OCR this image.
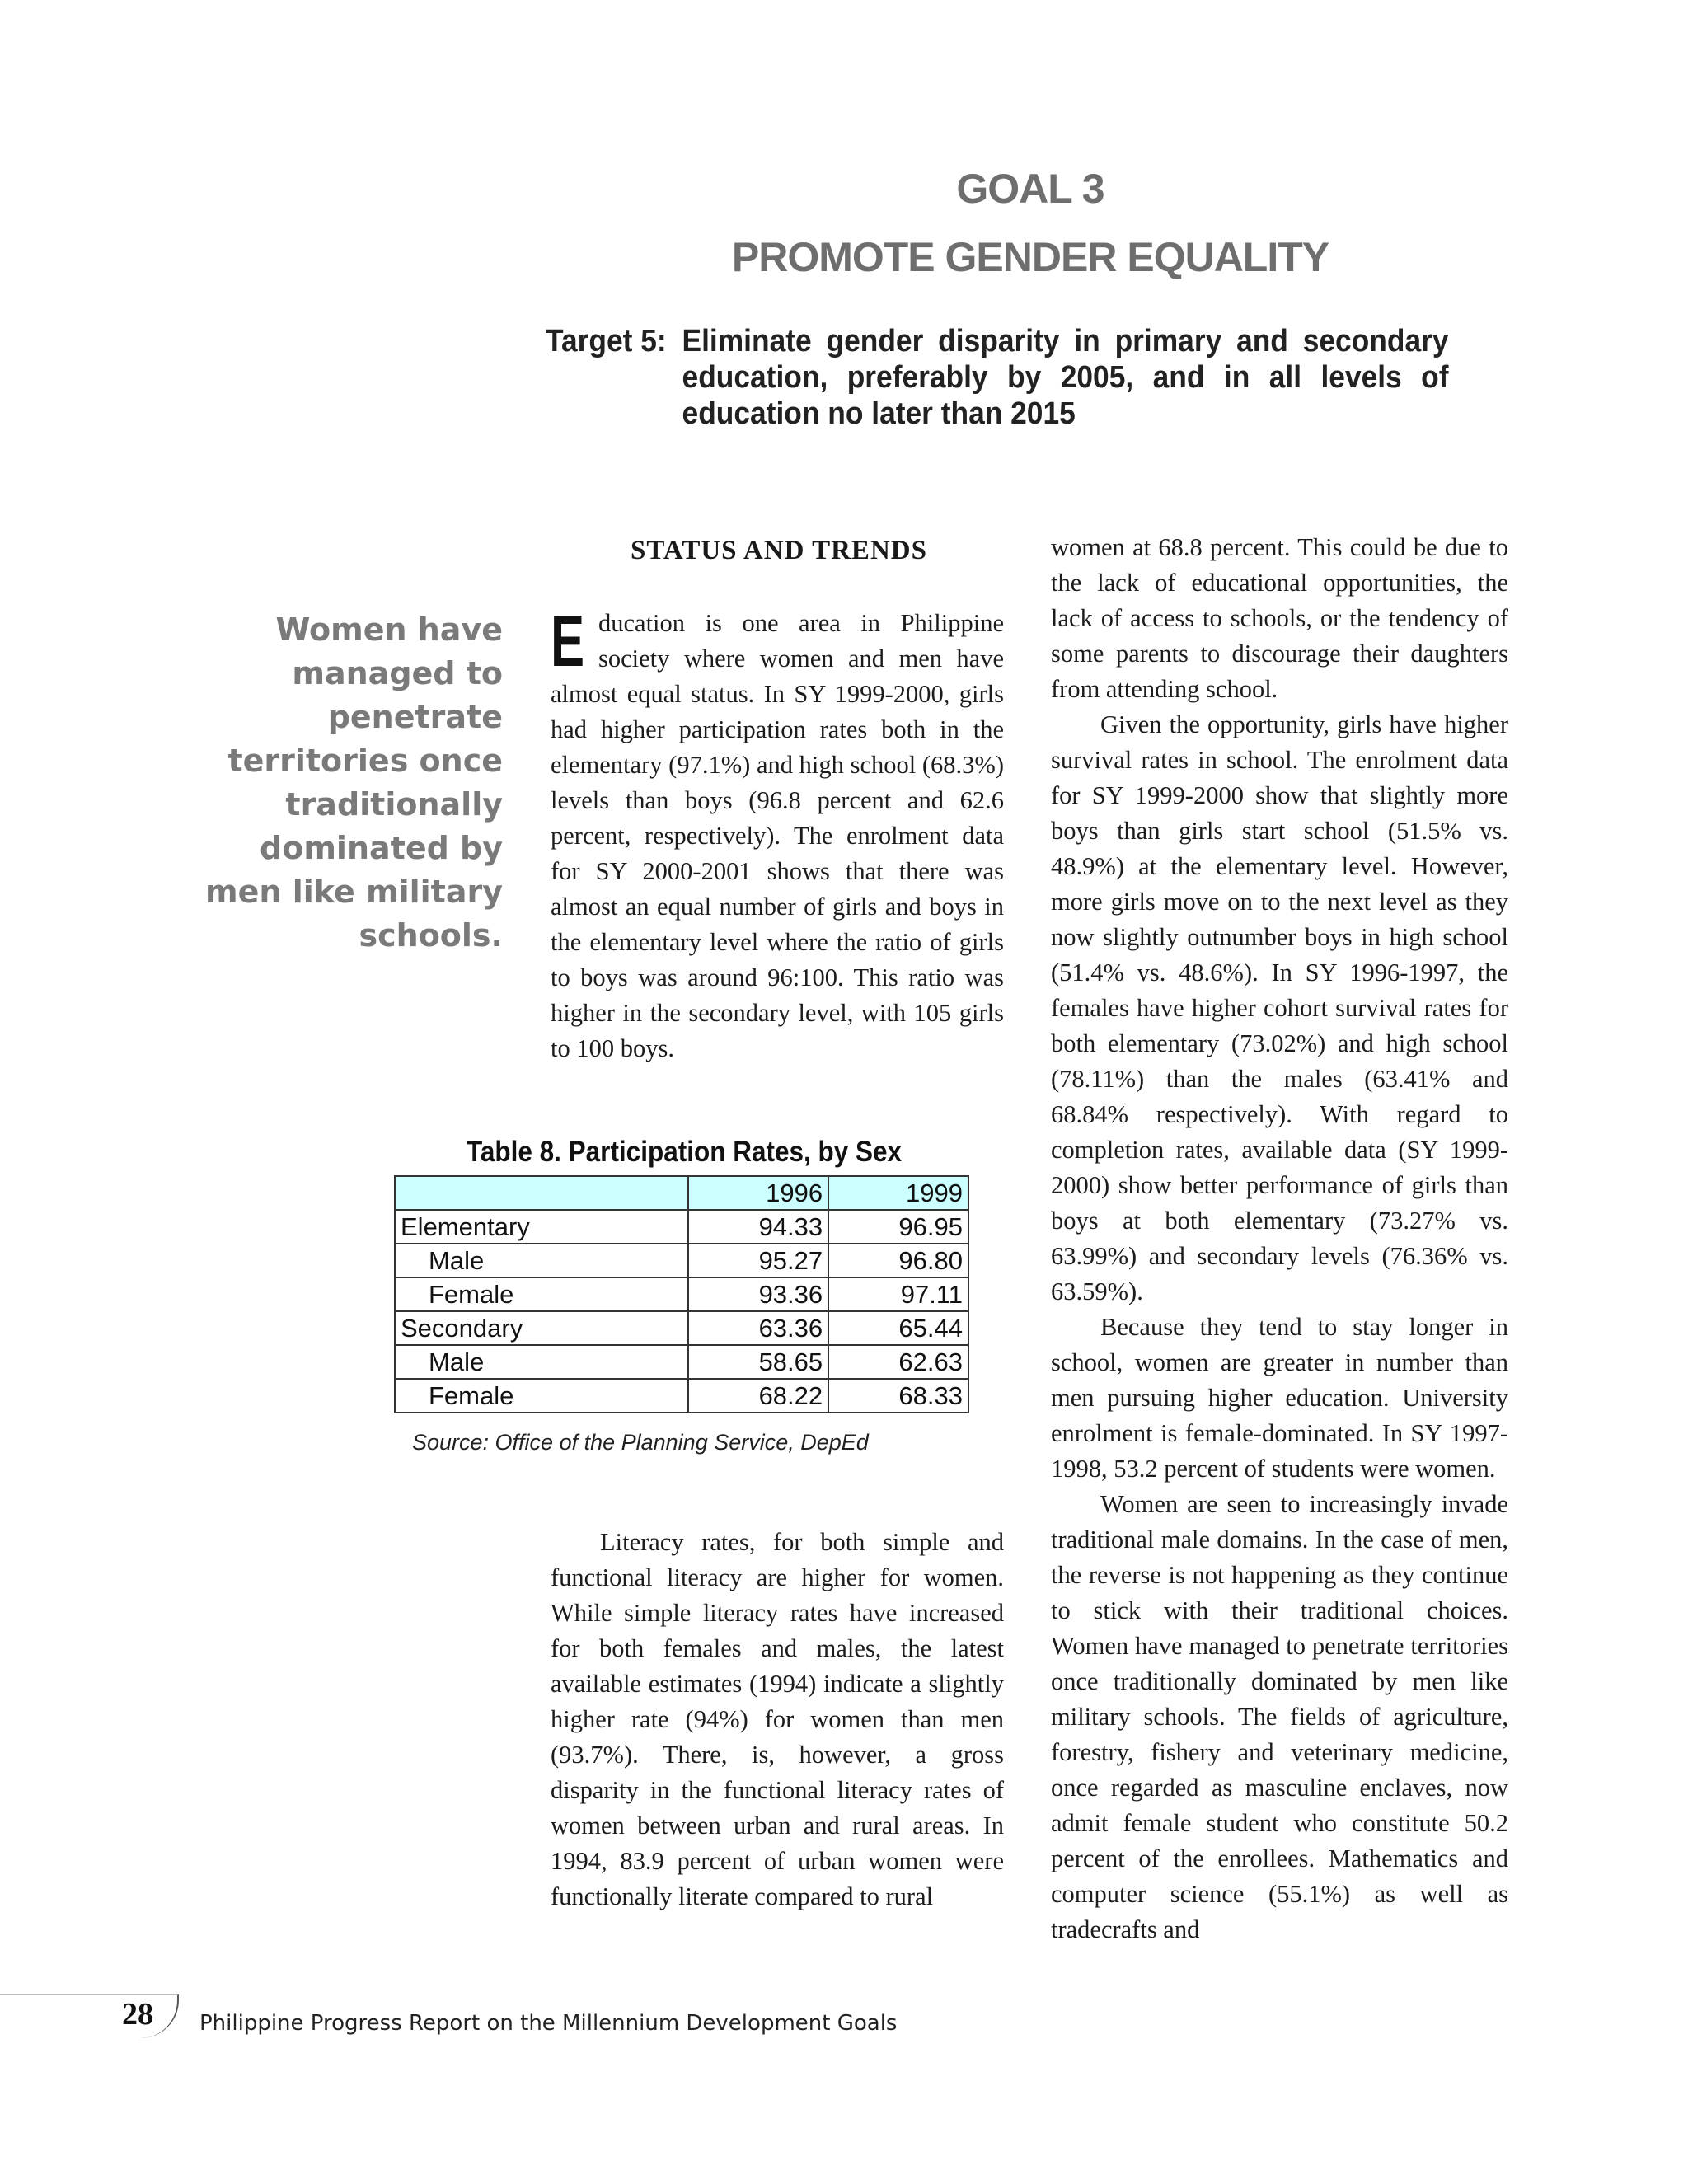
GOAL 3
PROMOTE GENDER EQUALITY
Target 5: Eliminate gender disparity in primary and secondary education, preferably by 2005, and in all levels of education no later than 2015
Women have managed to penetrate territories once traditionally dominated by men like military schools.
STATUS AND TRENDS
E ducation is one area in Philippine society where women and men have almost equal status. In SY 1999-2000, girls had higher participation rates both in the elementary (97.1%) and high school (68.3%) levels than boys (96.8 percent and 62.6 percent, respectively). The enrolment data for SY 2000-2001 shows that there was almost an equal number of girls and boys in the elementary level where the ratio of girls to boys was around 96:100. This ratio was higher in the secondary level, with 105 girls to 100 boys.
Table 8. Participation Rates, by Sex
	1996	1999
Elementary	94.33	96.95
Male	95.27	96.80
Female	93.36	97.11
Secondary	63.36	65.44
Male	58.65	62.63
Female	68.22	68.33
Source: Office of the Planning Service, DepEd

Literacy rates, for both simple and functional literacy are higher for women. While simple literacy rates have increased for both females and males, the latest available estimates (1994) indicate a slightly higher rate (94%) for women than men (93.7%). There, is, however, a gross disparity in the functional literacy rates of women between urban and rural areas. In 1994, 83.9 percent of urban women were functionally literate compared to rural

women at 68.8 percent. This could be due to the lack of educational opportunities, the lack of access to schools, or the tendency of some parents to discourage their daughters from attending school.

Given the opportunity, girls have higher survival rates in school. The enrolment data for SY 1999-2000 show that slightly more boys than girls start school (51.5% vs. 48.9%) at the elementary level. However, more girls move on to the next level as they now slightly outnumber boys in high school (51.4% vs. 48.6%). In SY 1996-1997, the females have higher cohort survival rates for both elementary (73.02%) and high school (78.11%) than the males (63.41% and 68.84% respectively). With regard to completion rates, available data (SY 1999-2000) show better performance of girls than boys at both elementary (73.27% vs. 63.99%) and secondary levels (76.36% vs. 63.59%).

Because they tend to stay longer in school, women are greater in number than men pursuing higher education. University enrolment is female-dominated. In SY 1997-1998, 53.2 percent of students were women.

Women are seen to increasingly invade traditional male domains. In the case of men, the reverse is not happening as they continue to stick with their traditional choices. Women have managed to penetrate territories once traditionally dominated by men like military schools. The fields of agriculture, forestry, fishery and veterinary medicine, once regarded as masculine enclaves, now admit female student who constitute 50.2 percent of the enrollees. Mathematics and computer science (55.1%) as well as tradecrafts and

28 Philippine Progress Report on the Millennium Development Goals
